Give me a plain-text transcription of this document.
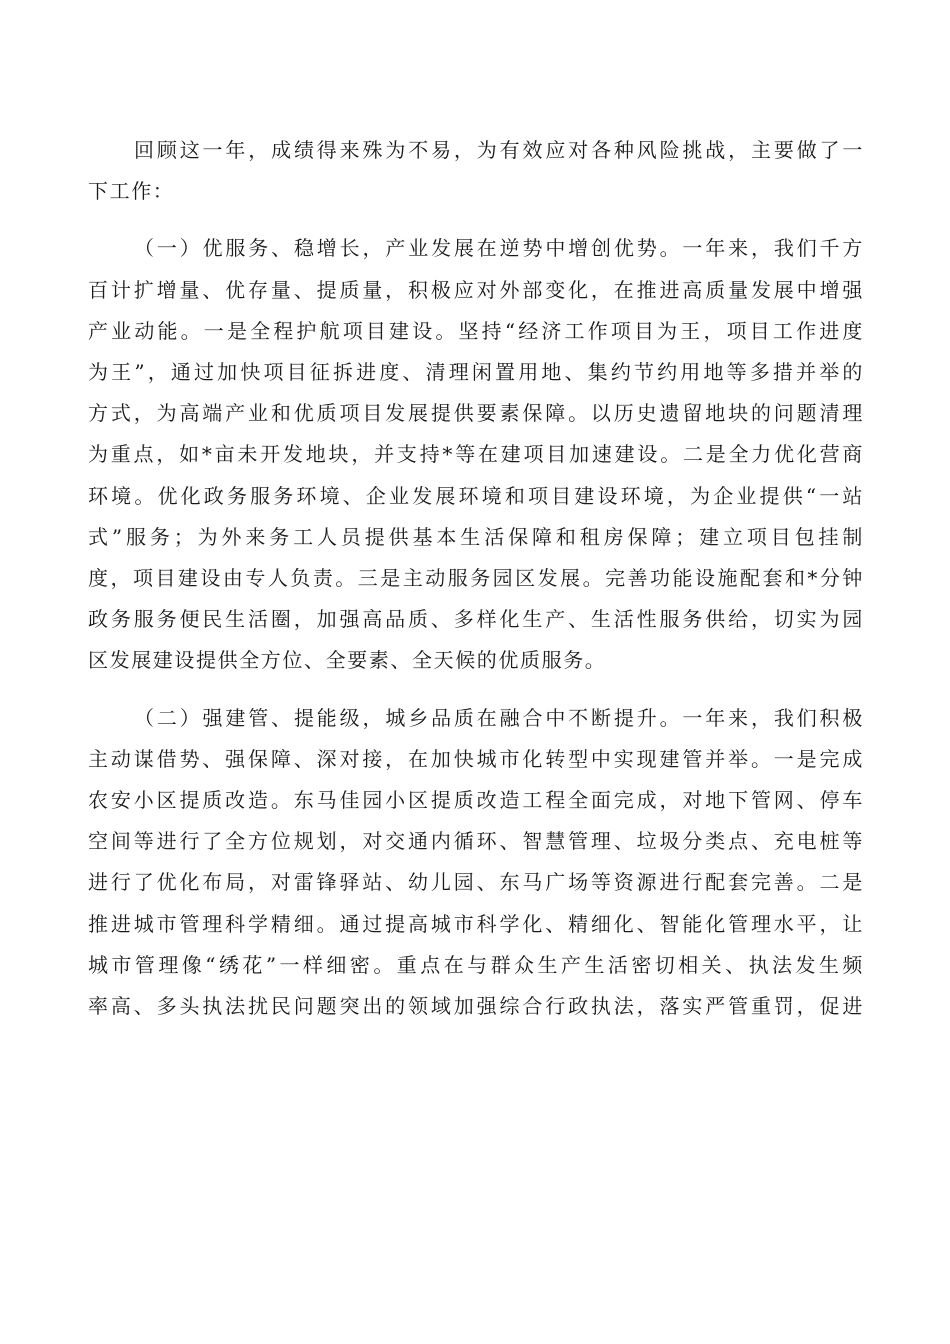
回顾这一年，成绩得来殊为不易，为有效应对各种风险挑战，主要做了一
下工作：

（一）优服务、稳增长，产业发展在逆势中增创优势。一年来，我们千方
百计扩增量、优存量、提质量，积极应对外部变化，在推进高质量发展中增强
产业动能。一是全程护航项目建设。坚持“经济工作项目为王，项目工作进度
为王”，通过加快项目征拆进度、清理闲置用地、集约节约用地等多措并举的
方式，为高端产业和优质项目发展提供要素保障。以历史遗留地块的问题清理
为重点，如*亩未开发地块，并支持*等在建项目加速建设。二是全力优化营商
环境。优化政务服务环境、企业发展环境和项目建设环境，为企业提供“一站
式”服务；为外来务工人员提供基本生活保障和租房保障；建立项目包挂制
度，项目建设由专人负责。三是主动服务园区发展。完善功能设施配套和*分钟
政务服务便民生活圈，加强高品质、多样化生产、生活性服务供给，切实为园
区发展建设提供全方位、全要素、全天候的优质服务。

（二）强建管、提能级，城乡品质在融合中不断提升。一年来，我们积极
主动谋借势、强保障、深对接，在加快城市化转型中实现建管并举。一是完成
农安小区提质改造。东马佳园小区提质改造工程全面完成，对地下管网、停车
空间等进行了全方位规划，对交通内循环、智慧管理、垃圾分类点、充电桩等
进行了优化布局，对雷锋驿站、幼儿园、东马广场等资源进行配套完善。二是
推进城市管理科学精细。通过提高城市科学化、精细化、智能化管理水平，让
城市管理像“绣花”一样细密。重点在与群众生产生活密切相关、执法发生频
率高、多头执法扰民问题突出的领域加强综合行政执法，落实严管重罚，促进
